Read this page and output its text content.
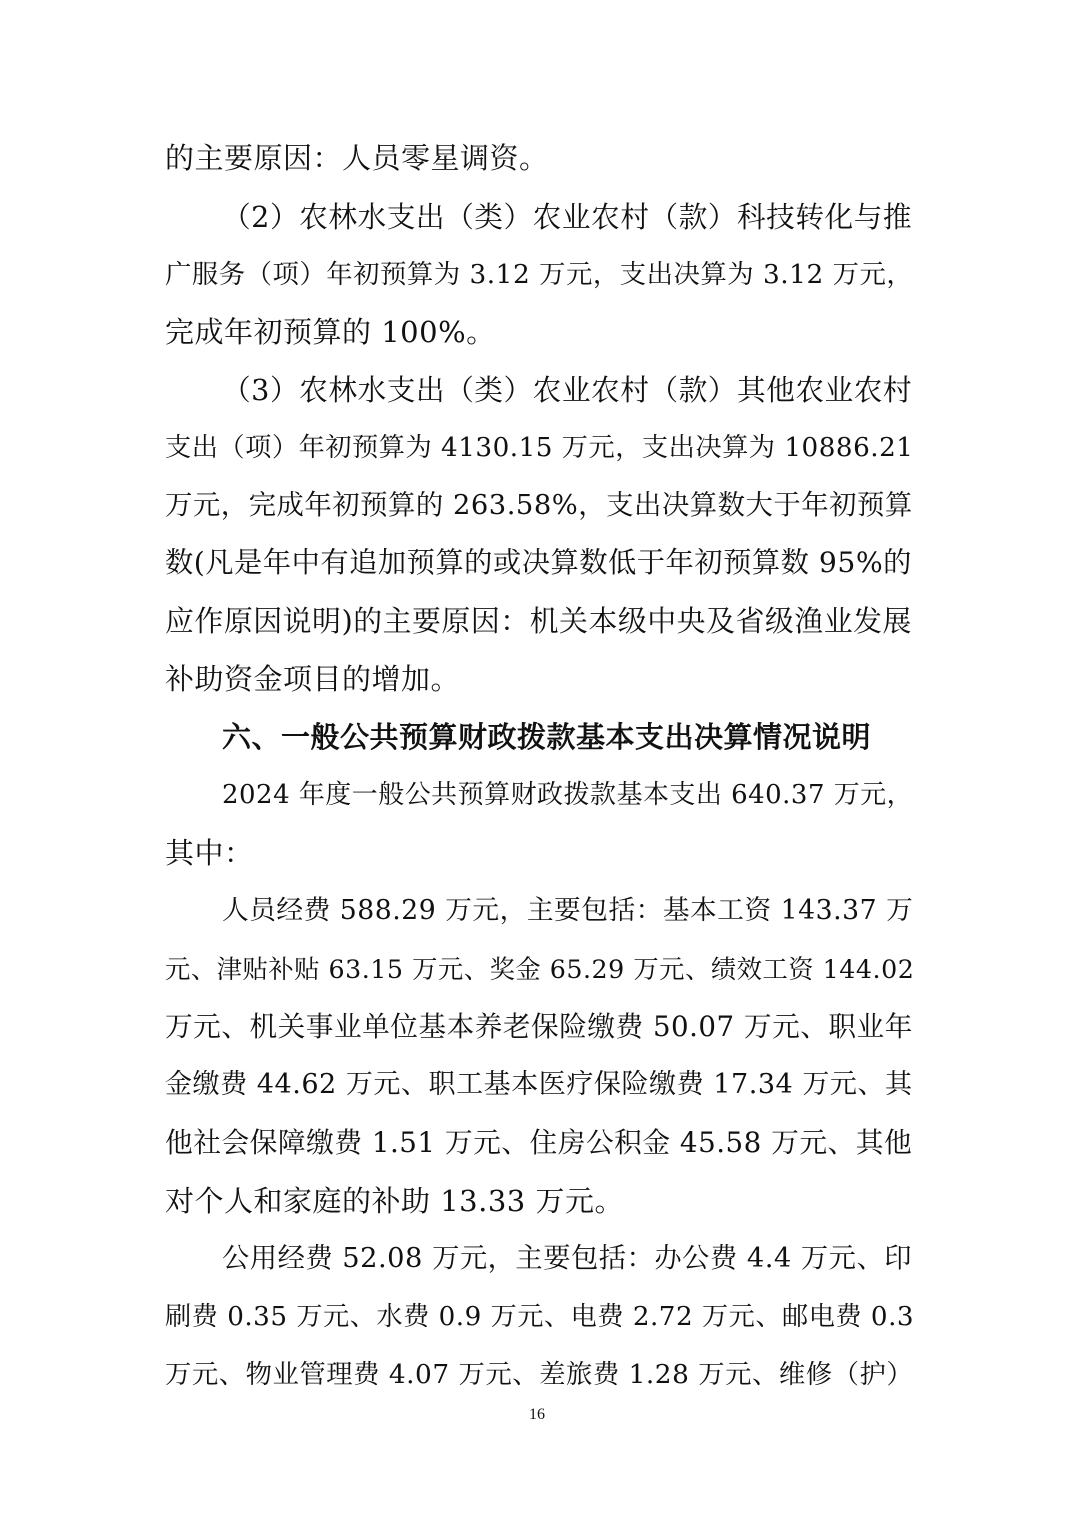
的主要原因：人员零星调资。
（2）农林水支出（类）农业农村（款）科技转化与推
广服务（项）年初预算为 3.12 万元，支出决算为 3.12 万元，
完成年初预算的 100%。
（3）农林水支出（类）农业农村（款）其他农业农村
支出（项）年初预算为 4130.15 万元，支出决算为 10886.21
万元，完成年初预算的 263.58%，支出决算数大于年初预算
数(凡是年中有追加预算的或决算数低于年初预算数 95%的
应作原因说明)的主要原因：机关本级中央及省级渔业发展
补助资金项目的增加。
六、一般公共预算财政拨款基本支出决算情况说明
2024 年度一般公共预算财政拨款基本支出 640.37 万元，
其中：
人员经费 588.29 万元，主要包括：基本工资 143.37 万
元、津贴补贴 63.15 万元、奖金 65.29 万元、绩效工资 144.02
万元、机关事业单位基本养老保险缴费 50.07 万元、职业年
金缴费 44.62 万元、职工基本医疗保险缴费 17.34 万元、其
他社会保障缴费 1.51 万元、住房公积金 45.58 万元、其他
对个人和家庭的补助 13.33 万元。
公用经费 52.08 万元，主要包括：办公费 4.4 万元、印
刷费 0.35 万元、水费 0.9 万元、电费 2.72 万元、邮电费 0.3
万元、物业管理费 4.07 万元、差旅费 1.28 万元、维修（护）
16
